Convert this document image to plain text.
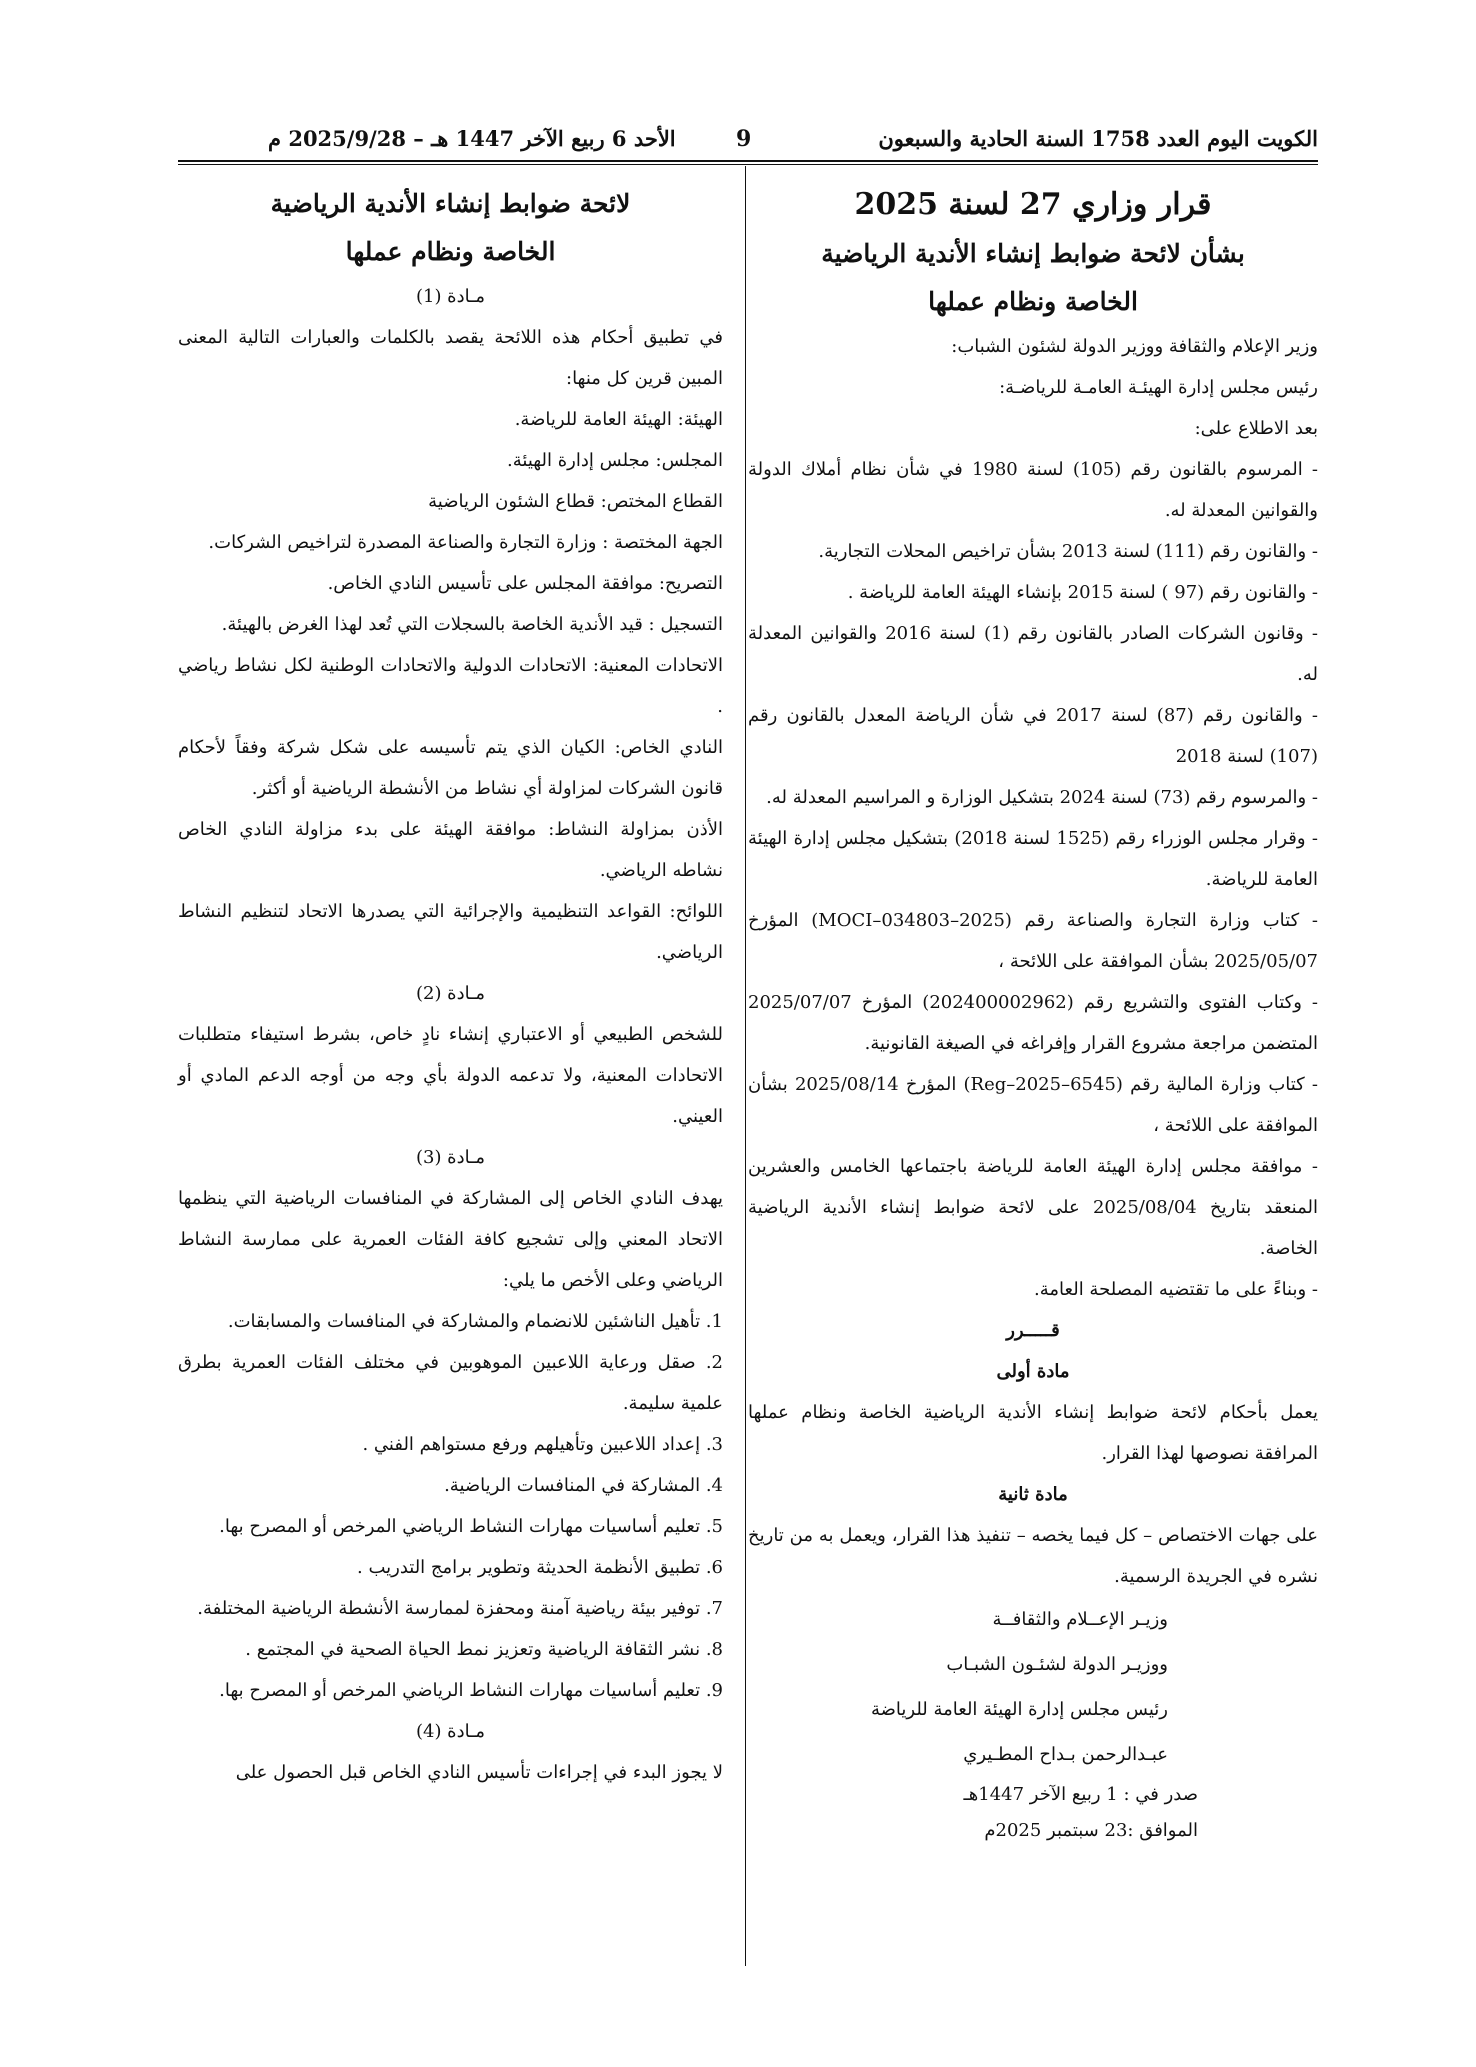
الكويت اليوم العدد 1758 السنة الحادية والسبعون
9
الأحد 6 ربيع الآخر 1447 هـ – 2025/9/28 م
قرار وزاري 27 لسنة 2025
بشأن لائحة ضوابط إنشاء الأندية الرياضية
الخاصة ونظام عملها

وزير الإعلام والثقافة ووزير الدولة لشئون الشباب:

رئيس مجلس إدارة الهيئـة العامـة للرياضـة:

بعد الاطلاع على:

- المرسوم بالقانون رقم (105) لسنة 1980 في شأن نظام أملاك الدولة والقوانين المعدلة له.

- والقانون رقم (111) لسنة 2013 بشأن تراخيص المحلات التجارية.

- والقانون رقم (97 ) لسنة 2015 بإنشاء الهيئة العامة للرياضة .

- وقانون الشركات الصادر بالقانون رقم (1) لسنة 2016 والقوانين المعدلة له.

- والقانون رقم (87) لسنة 2017 في شأن الرياضة المعدل بالقانون رقم (107) لسنة 2018

- والمرسوم رقم (73) لسنة 2024 بتشكيل الوزارة و المراسيم المعدلة له.

- وقرار مجلس الوزراء رقم (1525 لسنة 2018) بتشكيل مجلس إدارة الهيئة العامة للرياضة.

- كتاب وزارة التجارة والصناعة رقم (2025–034803–MOCI) المؤرخ 2025/05/07 بشأن الموافقة على اللائحة ،

- وكتاب الفتوى والتشريع رقم (202400002962) المؤرخ 2025/07/07 المتضمن مراجعة مشروع القرار وإفراغه في الصيغة القانونية.

- كتاب وزارة المالية رقم (Reg–2025–6545) المؤرخ 2025/08/14 بشأن الموافقة على اللائحة ،

- موافقة مجلس إدارة الهيئة العامة للرياضة باجتماعها الخامس والعشرين المنعقد بتاريخ 2025/08/04 على لائحة ضوابط إنشاء الأندية الرياضية الخاصة.

- وبناءً على ما تقتضيه المصلحة العامة.

قـــــرر

مادة أولى

يعمل بأحكام لائحة ضوابط إنشاء الأندية الرياضية الخاصة ونظام عملها المرافقة نصوصها لهذا القرار.

مادة ثانية

على جهات الاختصاص – كل فيما يخصه – تنفيذ هذا القرار، ويعمل به من تاريخ نشره في الجريدة الرسمية.

وزيـر الإعــلام والثقافــة
ووزيـر الدولة لشئـون الشبـاب
رئيس مجلس إدارة الهيئة العامة للرياضة
عبـدالرحمن بـداح المطـيري

صدر في : 1 ربيع الآخر 1447هـ

الموافق :23 سبتمبر 2025م

لائحة ضوابط إنشاء الأندية الرياضية
الخاصة ونظام عملها

مـادة (1)

في تطبيق أحكام هذه اللائحة يقصد بالكلمات والعبارات التالية المعنى المبين قرين كل منها:

الهيئة: الهيئة العامة للرياضة.

المجلس: مجلس إدارة الهيئة.

القطاع المختص: قطاع الشئون الرياضية

الجهة المختصة : وزارة التجارة والصناعة المصدرة لتراخيص الشركات.

التصريح: موافقة المجلس على تأسيس النادي الخاص.

التسجيل : قيد الأندية الخاصة بالسجلات التي تُعد لهذا الغرض بالهيئة.

الاتحادات المعنية: الاتحادات الدولية والاتحادات الوطنية لكل نشاط رياضي .

النادي الخاص: الكيان الذي يتم تأسيسه على شكل شركة وفقاً لأحكام قانون الشركات لمزاولة أي نشاط من الأنشطة الرياضية أو أكثر.

الأذن بمزاولة النشاط: موافقة الهيئة على بدء مزاولة النادي الخاص نشاطه الرياضي.

اللوائح: القواعد التنظيمية والإجرائية التي يصدرها الاتحاد لتنظيم النشاط الرياضي.

مـادة (2)

للشخص الطبيعي أو الاعتباري إنشاء نادٍ خاص، بشرط استيفاء متطلبات الاتحادات المعنية، ولا تدعمه الدولة بأي وجه من أوجه الدعم المادي أو العيني.

مـادة (3)

يهدف النادي الخاص إلى المشاركة في المنافسات الرياضية التي ينظمها الاتحاد المعني وإلى تشجيع كافة الفئات العمرية على ممارسة النشاط الرياضي وعلى الأخص ما يلي:

1. تأهيل الناشئين للانضمام والمشاركة في المنافسات والمسابقات.

2. صقل ورعاية اللاعبين الموهوبين في مختلف الفئات العمرية بطرق علمية سليمة.

3. إعداد اللاعبين وتأهيلهم ورفع مستواهم الفني .

4. المشاركة في المنافسات الرياضية.

5. تعليم أساسيات مهارات النشاط الرياضي المرخص أو المصرح بها.

6. تطبيق الأنظمة الحديثة وتطوير برامج التدريب .

7. توفير بيئة رياضية آمنة ومحفزة لممارسة الأنشطة الرياضية المختلفة.

8. نشر الثقافة الرياضية وتعزيز نمط الحياة الصحية في المجتمع .

9. تعليم أساسيات مهارات النشاط الرياضي المرخص أو المصرح بها.

مـادة (4)

لا يجوز البدء في إجراءات تأسيس النادي الخاص قبل الحصول على
